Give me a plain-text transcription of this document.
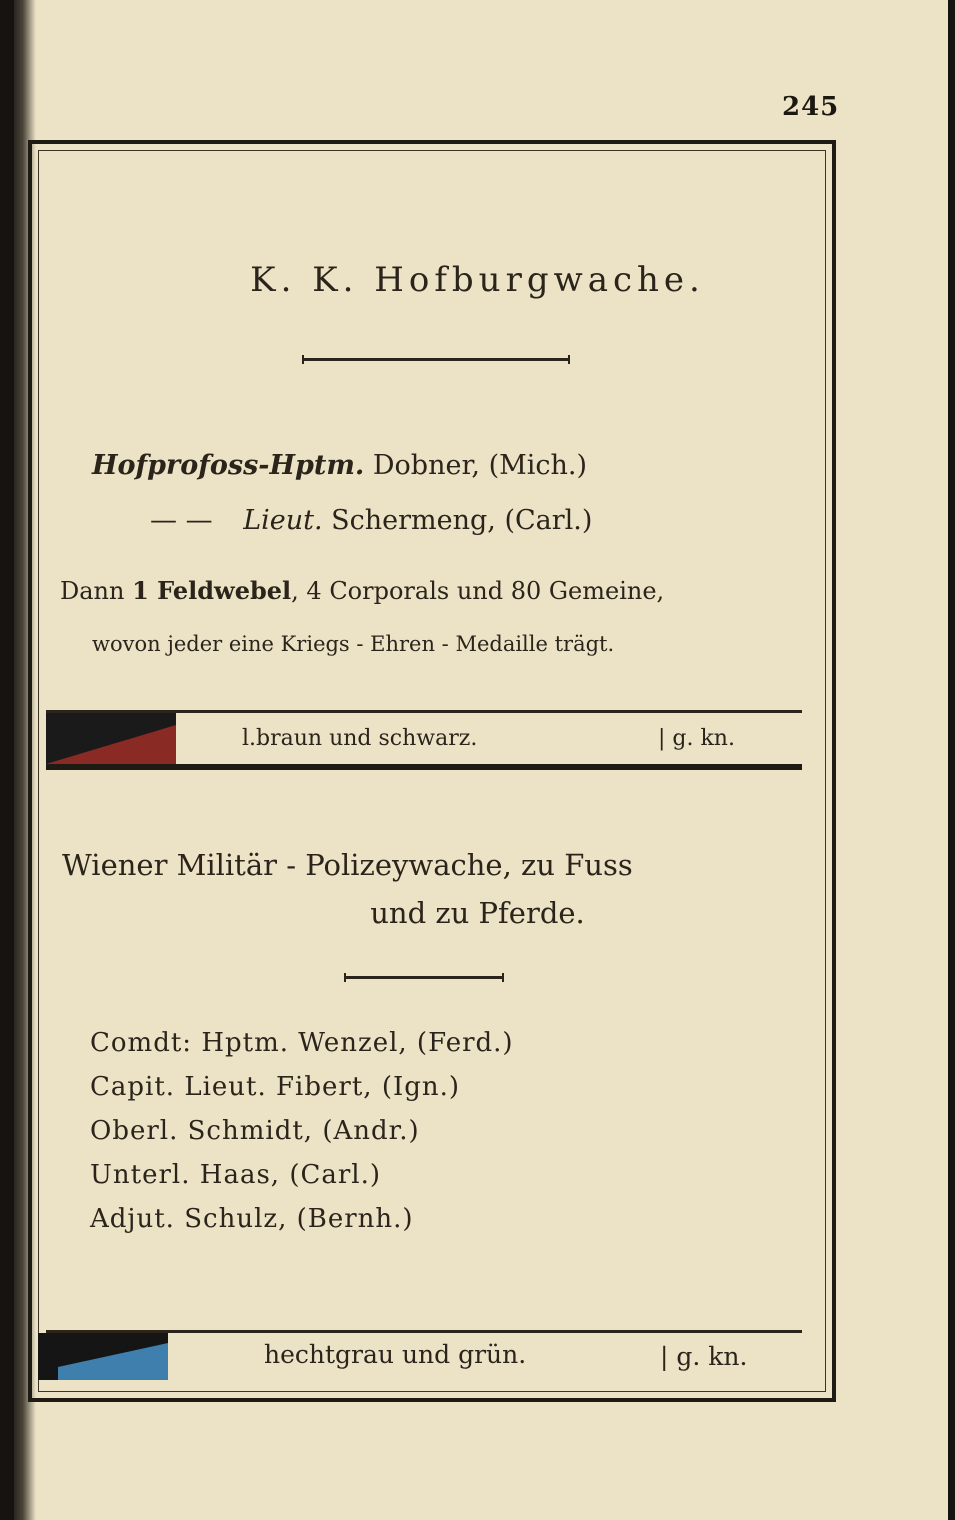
245
K. K. Hofburgwache.
Hofprofoss-Hptm. Dobner, (Mich.)
— — Lieut. Schermeng, (Carl.)
Dann 1 Feldwebel, 4 Corporals und 80 Gemeine,
wovon jeder eine Kriegs - Ehren - Medaille trägt.
l.braun und schwarz.	| g. kn.
Wiener Militär - Polizeywache, zu Fuss
und zu Pferde.
Comdt: Hptm. Wenzel, (Ferd.)
Capit. Lieut. Fibert, (Ign.)
Oberl. Schmidt, (Andr.)
Unterl. Haas, (Carl.)
Adjut. Schulz, (Bernh.)
hechtgrau und grün.	| g. kn.
